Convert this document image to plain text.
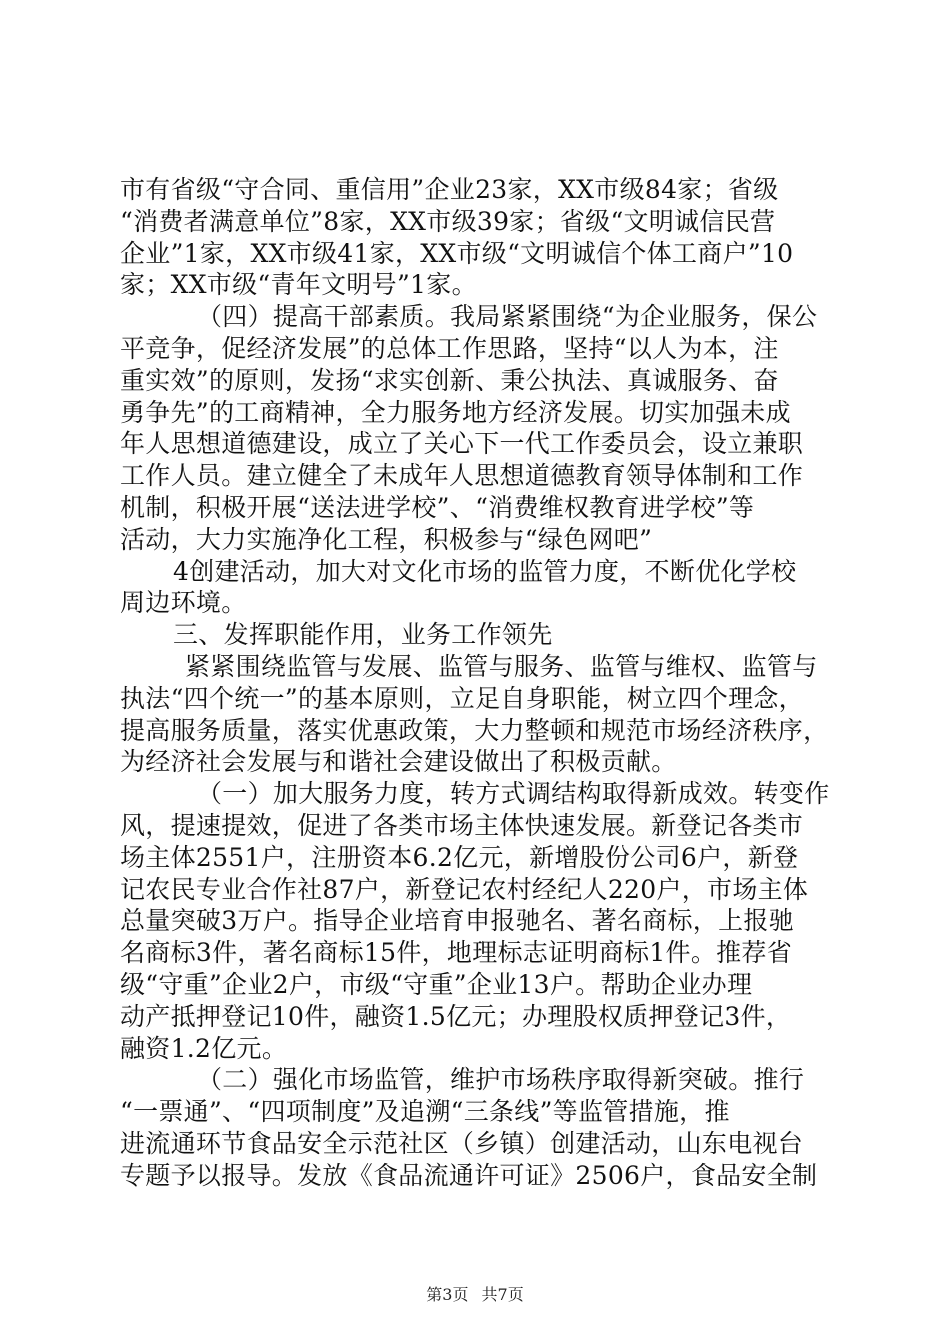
市有省级“守合同、重信用”企业23家，XX市级84家；省级
“消费者满意单位”8家，XX市级39家；省级“文明诚信民营
企业”1家，XX市级41家，XX市级“文明诚信个体工商户”10
家；XX市级“青年文明号”1家。
（四）提高干部素质。我局紧紧围绕“为企业服务，保公
平竞争，促经济发展”的总体工作思路，坚持“以人为本，注
重实效”的原则，发扬“求实创新、秉公执法、真诚服务、奋
勇争先”的工商精神，全力服务地方经济发展。切实加强未成
年人思想道德建设，成立了关心下一代工作委员会，设立兼职
工作人员。建立健全了未成年人思想道德教育领导体制和工作
机制，积极开展“送法进学校”、“消费维权教育进学校”等
活动，大力实施净化工程，积极参与“绿色网吧”
4创建活动，加大对文化市场的监管力度，不断优化学校
周边环境。
三、发挥职能作用，业务工作领先
紧紧围绕监管与发展、监管与服务、监管与维权、监管与
执法“四个统一”的基本原则，立足自身职能，树立四个理念，
提高服务质量，落实优惠政策，大力整顿和规范市场经济秩序，
为经济社会发展与和谐社会建设做出了积极贡献。
（一）加大服务力度，转方式调结构取得新成效。转变作
风，提速提效，促进了各类市场主体快速发展。新登记各类市
场主体2551户，注册资本6.2亿元，新增股份公司6户，新登
记农民专业合作社87户，新登记农村经纪人220户，市场主体
总量突破3万户。指导企业培育申报驰名、著名商标，上报驰
名商标3件，著名商标15件，地理标志证明商标1件。推荐省
级“守重”企业2户，市级“守重”企业13户。帮助企业办理
动产抵押登记10件，融资1.5亿元；办理股权质押登记3件，
融资1.2亿元。
（二）强化市场监管，维护市场秩序取得新突破。推行
“一票通”、“四项制度”及追溯“三条线”等监管措施，推
进流通环节食品安全示范社区（乡镇）创建活动，山东电视台
专题予以报导。发放《食品流通许可证》2506户，食品安全制
第3页 共7页
